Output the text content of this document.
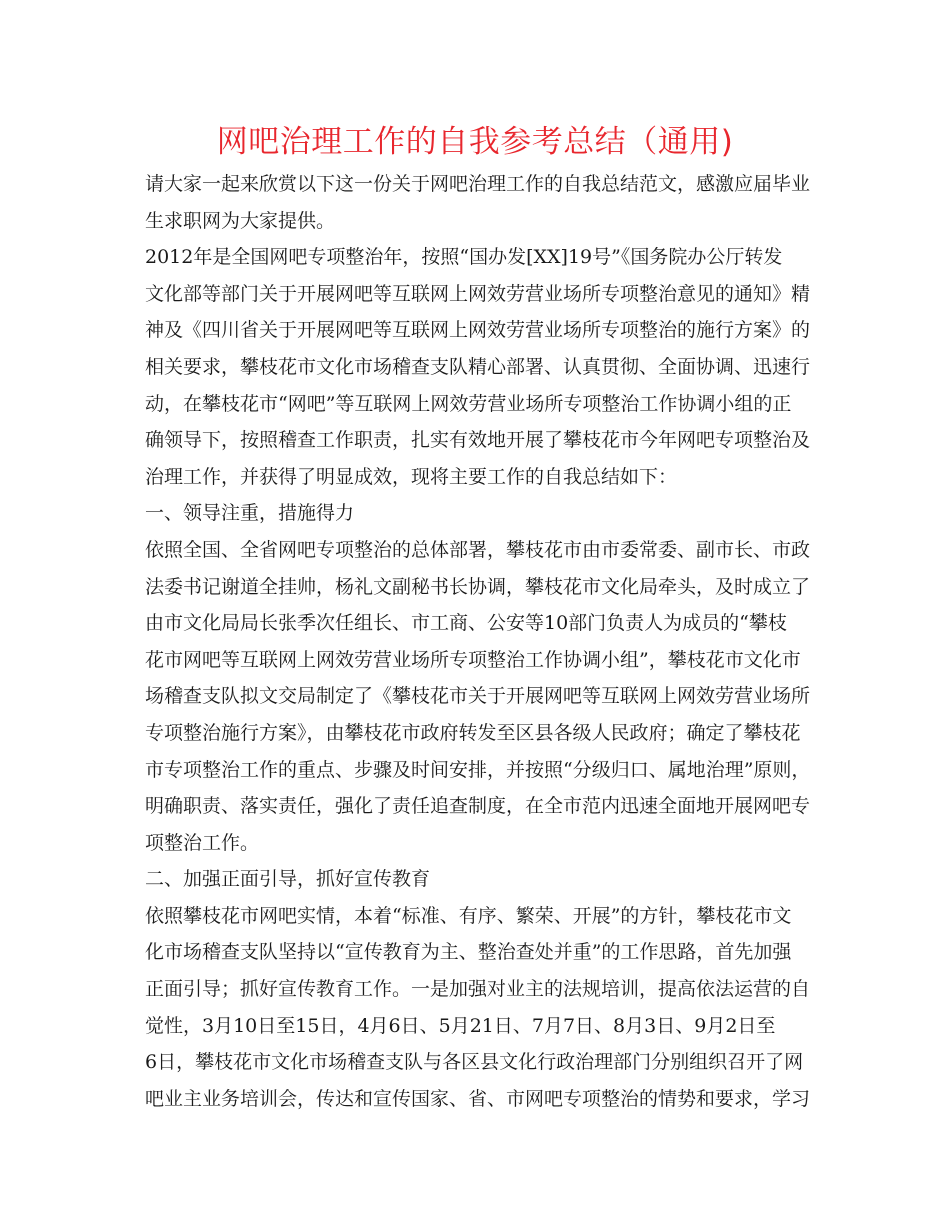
网吧治理工作的自我参考总结（通用)
请大家一起来欣赏以下这一份关于网吧治理工作的自我总结范文，感激应届毕业
生求职网为大家提供。
2012年是全国网吧专项整治年，按照“国办发[XX]19号”《国务院办公厅转发
文化部等部门关于开展网吧等互联网上网效劳营业场所专项整治意见的通知》精
神及《四川省关于开展网吧等互联网上网效劳营业场所专项整治的施行方案》的
相关要求，攀枝花市文化市场稽查支队精心部署、认真贯彻、全面协调、迅速行
动，在攀枝花市“网吧”等互联网上网效劳营业场所专项整治工作协调小组的正
确领导下，按照稽查工作职责，扎实有效地开展了攀枝花市今年网吧专项整治及
治理工作，并获得了明显成效，现将主要工作的自我总结如下：
一、领导注重，措施得力
依照全国、全省网吧专项整治的总体部署，攀枝花市由市委常委、副市长、市政
法委书记谢道全挂帅，杨礼文副秘书长协调，攀枝花市文化局牵头，及时成立了
由市文化局局长张季次任组长、市工商、公安等10部门负责人为成员的“攀枝
花市网吧等互联网上网效劳营业场所专项整治工作协调小组”，攀枝花市文化市
场稽查支队拟文交局制定了《攀枝花市关于开展网吧等互联网上网效劳营业场所
专项整治施行方案》，由攀枝花市政府转发至区县各级人民政府；确定了攀枝花
市专项整治工作的重点、步骤及时间安排，并按照“分级归口、属地治理”原则，
明确职责、落实责任，强化了责任追查制度，在全市范内迅速全面地开展网吧专
项整治工作。
二、加强正面引导，抓好宣传教育
依照攀枝花市网吧实情，本着“标准、有序、繁荣、开展”的方针，攀枝花市文
化市场稽查支队坚持以“宣传教育为主、整治查处并重”的工作思路，首先加强
正面引导；抓好宣传教育工作。一是加强对业主的法规培训，提高依法运营的自
觉性，3月10日至15日，4月6日、5月21日、7月7日、8月3日、9月2日至
6日，攀枝花市文化市场稽查支队与各区县文化行政治理部门分别组织召开了网
吧业主业务培训会，传达和宣传国家、省、市网吧专项整治的情势和要求，学习
